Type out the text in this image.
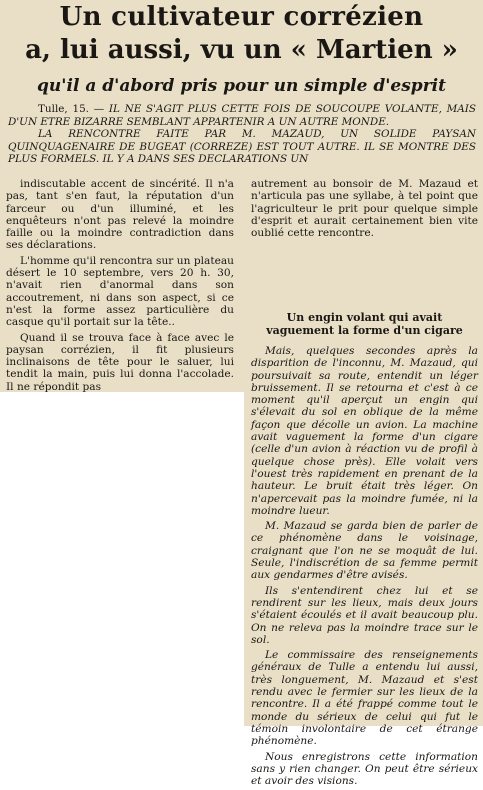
Un cultivateur corrézien
a, lui aussi, vu un « Martien »
qu'il a d'abord pris pour un simple d'esprit

Tulle, 15. — IL NE S'AGIT PLUS CETTE FOIS DE SOUCOUPE VOLANTE, MAIS D'UN ETRE BIZARRE SEMBLANT APPARTENIR A UN AUTRE MONDE.

LA RENCONTRE FAITE PAR M. MAZAUD, UN SOLIDE PAYSAN QUINQUAGENAIRE DE BUGEAT (CORREZE) EST TOUT AUTRE. IL SE MONTRE DES PLUS FORMELS. IL Y A DANS SES DECLARATIONS UN

indiscutable accent de sincérité. Il n'a pas, tant s'en faut, la réputation d'un farceur ou d'un illuminé, et les enquêteurs n'ont pas relevé la moindre faille ou la moindre contradiction dans ses déclarations.

L'homme qu'il rencontra sur un plateau désert le 10 septembre, vers 20 h. 30, n'avait rien d'anormal dans son accoutrement, ni dans son aspect, si ce n'est la forme assez particulière du casque qu'il portait sur la tête..

Quand il se trouva face à face avec le paysan corrézien, il fit plusieurs inclinaisons de tête pour le saluer, lui tendit la main, puis lui donna l'accolade. Il ne répondit pas

autrement au bonsoir de M. Mazaud et n'articula pas une syllabe, à tel point que l'agriculteur le prit pour quelque simple d'esprit et aurait certainement bien vite oublié cette rencontre.

Un engin volant qui avait vaguement la forme d'un cigare

Mais, quelques secondes après la disparition de l'inconnu, M. Mazaud, qui poursuivait sa route, entendit un léger bruissement. Il se retourna et c'est à ce moment qu'il aperçut un engin qui s'élevait du sol en oblique de la même façon que décolle un avion. La machine avait vaguement la forme d'un cigare (celle d'un avion à réaction vu de profil à quelque chose près). Elle volait vers l'ouest très rapidement en prenant de la hauteur. Le bruit était très léger. On n'apercevait pas la moindre fumée, ni la moindre lueur.

M. Mazaud se garda bien de parler de ce phénomène dans le voisinage, craignant que l'on ne se moquât de lui. Seule, l'indiscrétion de sa femme permit aux gendarmes d'être avisés.

Ils s'entendirent chez lui et se rendirent sur les lieux, mais deux jours s'étaient écoulés et il avait beaucoup plu. On ne releva pas la moindre trace sur le sol.

Le commissaire des renseignements généraux de Tulle a entendu lui aussi, très longuement, M. Mazaud et s'est rendu avec le fermier sur les lieux de la rencontre. Il a été frappé comme tout le monde du sérieux de celui qui fut le témoin involontaire de cet étrange phénomène.

Nous enregistrons cette information sans y rien changer. On peut être sérieux et avoir des visions.
